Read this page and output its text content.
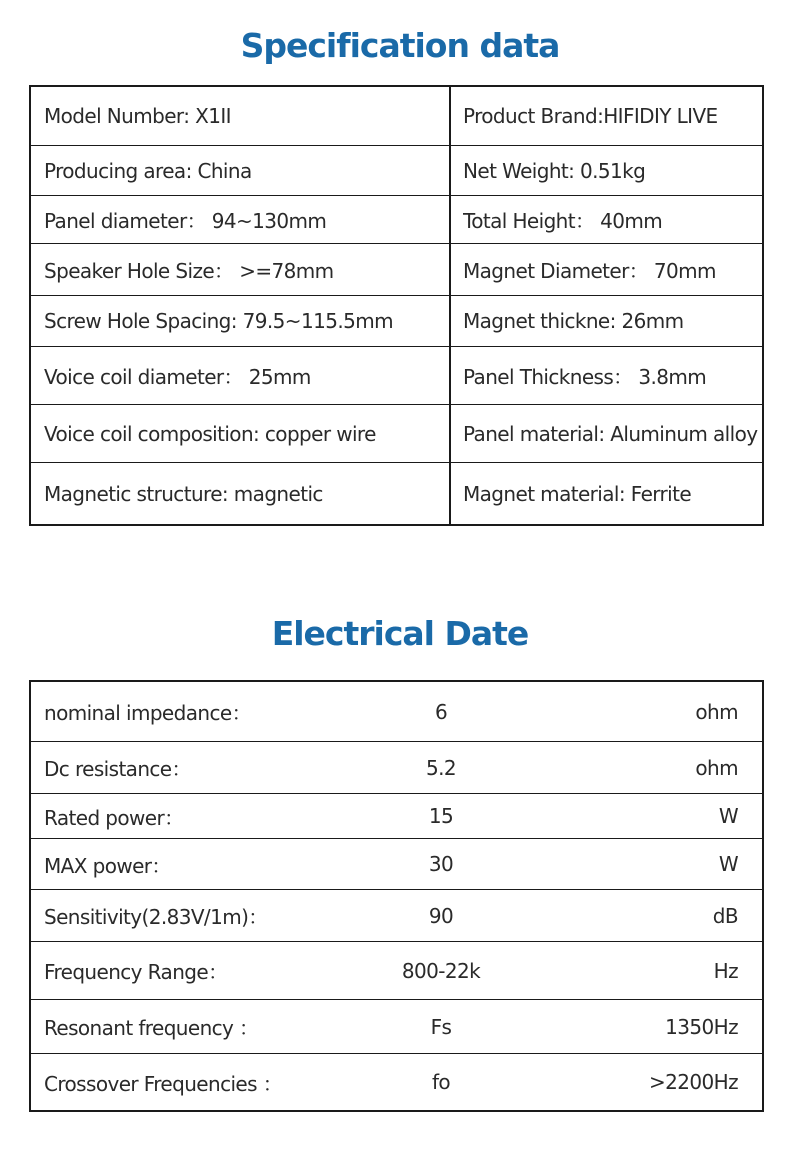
Specification data
Model Number: X1II	Product Brand:HIFIDIY LIVE
Producing area: China	Net Weight: 0.51kg
Panel diameter： 94~130mm	Total Height： 40mm
Speaker Hole Size： >=78mm	Magnet Diameter： 70mm
Screw Hole Spacing: 79.5~115.5mm	Magnet thickne: 26mm
Voice coil diameter： 25mm	Panel Thickness： 3.8mm
Voice coil composition: copper wire	Panel material: Aluminum alloy
Magnetic structure: magnetic	Magnet material: Ferrite
Electrical Date
nominal impedance：	6	ohm
Dc resistance：	5.2	ohm
Rated power：	15	W
MAX power：	30	W
Sensitivity(2.83V/1m)：	90	dB
Frequency Range：	800-22k	Hz
Resonant frequency ：	Fs	1350Hz
Crossover Frequencies ：	fo	>2200Hz
